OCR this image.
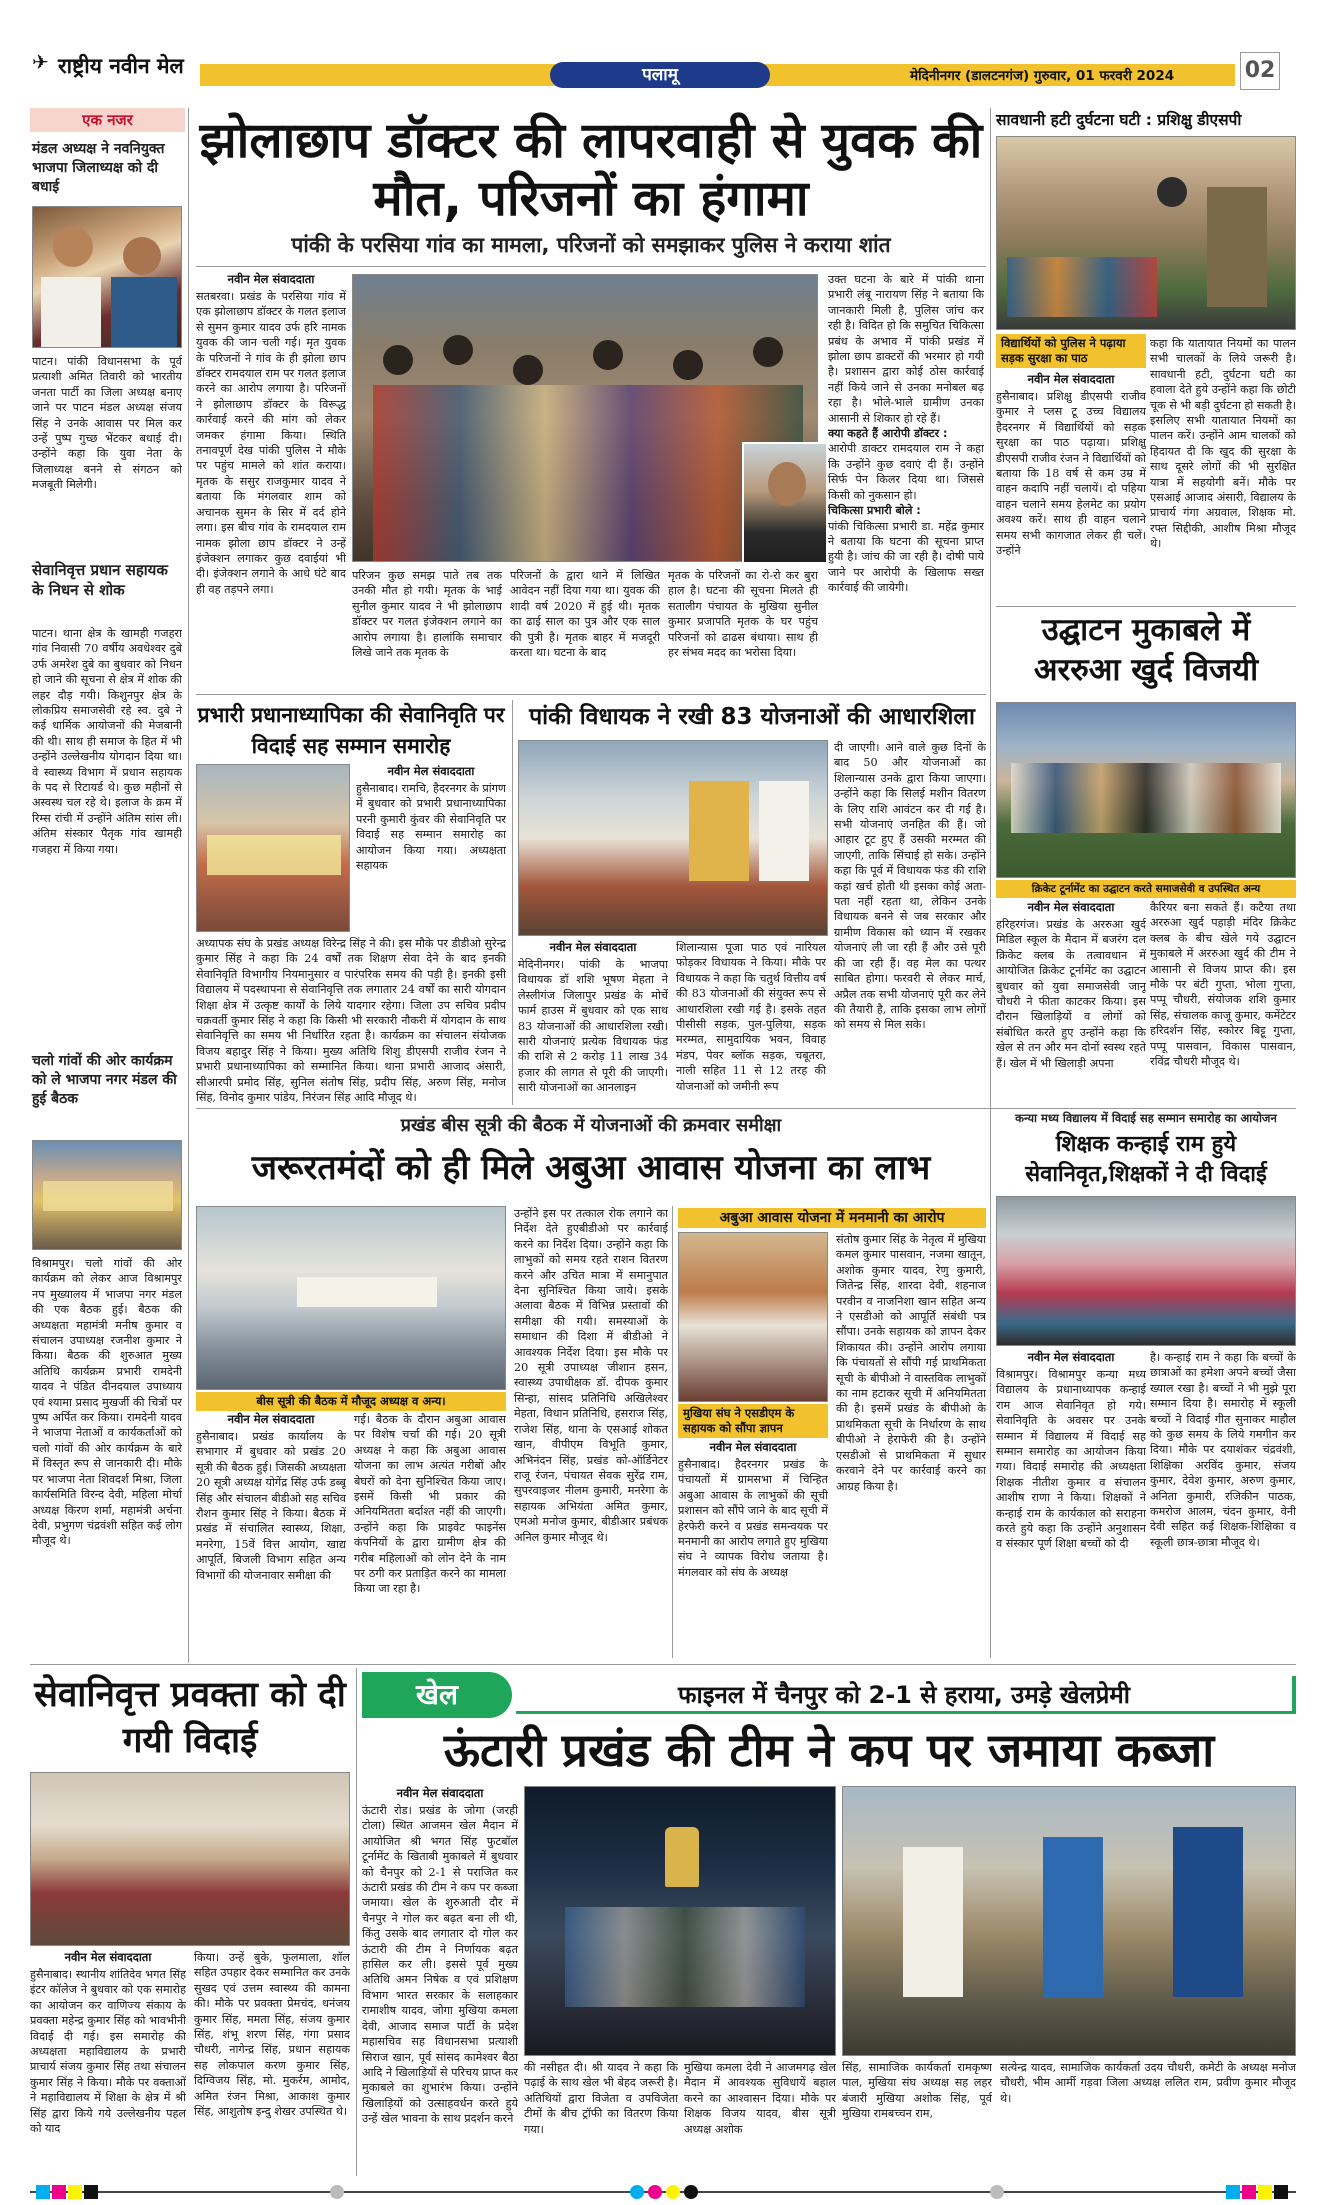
✈ राष्ट्रीय नवीन मेल	पलामू	मेदिनीनगर (डालटनगंज) गुरुवार, 01 फरवरी 2024	02
एक नजर
मंडल अध्यक्ष ने नवनियुक्त भाजपा जिलाध्यक्ष को दी बधाई
पाटन। पांकी विधानसभा के पूर्व प्रत्याशी अमित तिवारी को भारतीय जनता पार्टी का जिला अध्यक्ष बनाए जाने पर पाटन मंडल अध्यक्ष संजय सिंह ने उनके आवास पर मिल कर उन्हें पुष्प गुच्छ भेंटकर बधाई दी। उन्होंने कहा कि युवा नेता के जिलाध्यक्ष बनने से संगठन को मजबूती मिलेगी।
सेवानिवृत्त प्रधान सहायक के निधन से शोक
पाटन। थाना क्षेत्र के खामही गजहरा गांव निवासी 70 वर्षीय अवधेश्वर दुबे उर्फ अमरेश दुबे का बुधवार को निधन हो जाने की सूचना से क्षेत्र में शोक की लहर दौड़ गयी। किशुनपुर क्षेत्र के लोकप्रिय समाजसेवी रहे स्व. दुबे ने कई धार्मिक आयोजनों की मेजबानी की थी। साथ ही समाज के हित में भी उन्होंने उल्लेखनीय योगदान दिया था। वे स्वास्थ्य विभाग में प्रधान सहायक के पद से रिटायर्ड थे। कुछ महीनों से अस्वस्थ चल रहे थे। इलाज के क्रम में रिम्स रांची में उन्होंने अंतिम सांस ली। अंतिम संस्कार पैतृक गांव खामही गजहरा में किया गया।
चलो गांवों की ओर कार्यक्रम को ले भाजपा नगर मंडल की हुई बैठक
विश्रामपुर। चलो गांवों की ओर कार्यक्रम को लेकर आज विश्रामपुर नप मुख्यालय में भाजपा नगर मंडल की एक बैठक हुई। बैठक की अध्यक्षता महामंत्री मनीष कुमार व संचालन उपाध्यक्ष रजनीश कुमार ने किया। बैठक की शुरुआत मुख्य अतिथि कार्यक्रम प्रभारी रामदेनी यादव ने पंडित दीनदयाल उपाध्याय एवं श्यामा प्रसाद मुखर्जी की चित्रों पर पुष्प अर्पित कर किया। रामदेनी यादव ने भाजपा नेताओं व कार्यकर्ताओं को चलो गांवों की ओर कार्यक्रम के बारे में विस्तृत रूप से जानकारी दी। मौके पर भाजपा नेता शिवदर्श मिश्रा, जिला कार्यसमिति विरन्द देवी, महिला मोर्चा अध्यक्ष किरण शर्मा, महामंत्री अर्चना देवी, प्रभुगण चंद्रवंशी सहित कई लोग मौजूद थे।
झोलाछाप डॉक्टर की लापरवाही से युवक की मौत, परिजनों का हंगामा
पांकी के परसिया गांव का मामला, परिजनों को समझाकर पुलिस ने कराया शांत
नवीन मेल संवाददाता
सतबरवा। प्रखंड के परसिया गांव में एक झोलाछाप डॉक्टर के गलत इलाज से सुमन कुमार यादव उर्फ हरि नामक युवक की जान चली गई। मृत युवक के परिजनों ने गांव के ही झोला छाप डॉक्टर रामदयाल राम पर गलत इलाज करने का आरोप लगाया है। परिजनों ने झोलाछाप डॉक्टर के विरूद्ध कार्रवाई करने की मांग को लेकर जमकर हंगामा किया। स्थिति तनावपूर्ण देख पांकी पुलिस ने मौके पर पहुंच मामले को शांत कराया। मृतक के ससुर राजकुमार यादव ने बताया कि मंगलवार शाम को अचानक सुमन के सिर में दर्द होने लगा। इस बीच गांव के रामदयाल राम नामक झोला छाप डॉक्टर ने उन्हें इंजेक्शन लगाकर कुछ दवाईयां भी दी। इंजेक्शन लगाने के आधे घंटे बाद ही वह तड़पने लगा।
परिजन कुछ समझ पाते तब तक उनकी मौत हो गयी। मृतक के भाई सुनील कुमार यादव ने भी झोलाछाप डॉक्टर पर गलत इंजेक्शन लगाने का आरोप लगाया है। हालांकि समाचार लिखे जाने तक मृतक के
परिजनों के द्वारा थाने में लिखित आवेदन नहीं दिया गया था। युवक की शादी वर्ष 2020 में हुई थी। मृतक का ढाई साल का पुत्र और एक साल की पुत्री है। मृतक बाहर में मजदूरी करता था। घटना के बाद
मृतक के परिजनों का रो-रो कर बुरा हाल है। घटना की सूचना मिलते ही सतालीग पंचायत के मुखिया सुनील कुमार प्रजापति मृतक के घर पहुंच परिजनों को ढाढस बंधाया। साथ ही हर संभव मदद का भरोसा दिया।
उक्त घटना के बारे में पांकी थाना प्रभारी लंबू नारायण सिंह ने बताया कि जानकारी मिली है, पुलिस जांच कर रही है। विदित हो कि समुचित चिकित्सा प्रबंध के अभाव में पांकी प्रखंड में झोला छाप डाक्टरों की भरमार हो गयी है। प्रशासन द्वारा कोई ठोस कार्रवाई नहीं किये जाने से उनका मनोबल बढ़ रहा है। भोले-भाले ग्रामीण उनका आसानी से शिकार हो रहे हैं।
क्या कहते हैं आरोपी डॉक्टर :
आरोपी डाक्टर रामदयाल राम ने कहा कि उन्होंने कुछ दवाएं दी हैं। उन्होंने सिर्फ पेन किलर दिया था। जिससे किसी को नुकसान हो।
चिकित्सा प्रभारी बोले :
पांकी चिकित्सा प्रभारी डा. महेंद्र कुमार ने बताया कि घटना की सूचना प्राप्त हुयी है। जांच की जा रही है। दोषी पाये जाने पर आरोपी के खिलाफ सख्त कार्रवाई की जायेगी।
सावधानी हटी दुर्घटना घटी : प्रशिक्षु डीएसपी
विद्यार्थियों को पुलिस ने पढ़ाया सड़क सुरक्षा का पाठ
नवीन मेल संवाददाता
हुसैनाबाद। प्रशिक्षु डीएसपी राजीव कुमार ने प्लस टू उच्च विद्यालय हैदरनगर में विद्यार्थियों को सड़क सुरक्षा का पाठ पढ़ाया। प्रशिक्षु डीएसपी राजीव रंजन ने विद्यार्थियों को बताया कि 18 वर्ष से कम उम्र में वाहन कदापि नहीं चलायें। दो पहिया वाहन चलाने समय हेलमेट का प्रयोग अवश्य करें। साथ ही वाहन चलाने समय सभी कागजात लेकर ही चलें। उन्होंने
कहा कि यातायात नियमों का पालन सभी चालकों के लिये जरूरी है। सावधानी हटी, दुर्घटना घटी का हवाला देते हुये उन्होंने कहा कि छोटी चूक से भी बड़ी दुर्घटना हो सकती है। इसलिए सभी यातायात नियमों का पालन करें। उन्होंने आम चालकों को हिदायत दी कि खुद की सुरक्षा के साथ दूसरे लोगों की भी सुरक्षित यात्रा में सहयोगी बनें। मौके पर एसआई आजाद अंसारी, विद्यालय के प्राचार्य गंगा अग्रवाल, शिक्षक मो. रफ्त सिद्दीकी, आशीष मिश्रा मौजूद थे।
उद्घाटन मुकाबले में अररुआ खुर्द विजयी
क्रिकेट टूर्नामेंट का उद्घाटन करते समाजसेवी व उपस्थित अन्य
नवीन मेल संवाददाता
हरिहरगंज। प्रखंड के अररुआ खुर्द मिडिल स्कूल के मैदान में बजरंग दल क्रिकेट क्लब के तत्वावधान में आयोजित क्रिकेट टूर्नामेंट का उद्घाटन बुधवार को युवा समाजसेवी जानू चौधरी ने फीता काटकर किया। इस दौरान खिलाड़ियों व लोगों को संबोधित करते हुए उन्होंने कहा कि खेल से तन और मन दोनों स्वस्थ रहते हैं। खेल में भी खिलाड़ी अपना
कैरियर बना सकते हैं। कटैया तथा अररुआ खुर्द पहाड़ी मंदिर क्रिकेट क्लब के बीच खेले गये उद्घाटन मुकाबले में अररुआ खुर्द की टीम ने आसानी से विजय प्राप्त की। इस मौके पर बंटी गुप्ता, भोला गुप्ता, पप्पू चौधरी, संयोजक शशि कुमार सिंह, संचालक काजू कुमार, कमेंटेटर हरिदर्शन सिंह, स्कोरर बिट्टू गुप्ता, पप्पू पासवान, विकास पासवान, रविंद्र चौधरी मौजूद थे।
प्रभारी प्रधानाध्यापिका की सेवानिवृति पर विदाई सह सम्मान समारोह
नवीन मेल संवाददाता
हुसैनाबाद। रामचि, हैदरनगर के प्रांगण में बुधवार को प्रभारी प्रधानाध्यापिका परनी कुमारी कुंवर की सेवानिवृति पर विदाई सह सम्मान समारोह का आयोजन किया गया। अध्यक्षता सहायक
अध्यापक संघ के प्रखंड अध्यक्ष विरेन्द्र सिंह ने की। इस मौके पर डीडीओ सुरेन्द्र कुमार सिंह ने कहा कि 24 वर्षों तक शिक्षण सेवा देने के बाद इनकी सेवानिवृति विभागीय नियमानुसार व पारंपरिक समय की पड़ी है। इनकी इसी विद्यालय में पदस्थापना से सेवानिवृत्ति तक लगातार 24 वर्षों का सारी योगदान शिक्षा क्षेत्र में उत्कृष्ट कार्यों के लिये यादगार रहेगा। जिला उप सचिव प्रदीप चक्रवर्ती कुमार सिंह ने कहा कि किसी भी सरकारी नौकरी में योगदान के साथ सेवानिवृत्ति का समय भी निर्धारित रहता है। कार्यक्रम का संचालन संयोजक विजय बहादुर सिंह ने किया। मुख्य अतिथि शिशु डीएसपी राजीव रंजन ने प्रभारी प्रधानाध्यापिका को सम्मानित किया। थाना प्रभारी आजाद अंसारी, सीआरपी प्रमोद सिंह, सुनिल संतोष सिंह, प्रदीप सिंह, अरुण सिंह, मनोज सिंह, विनोद कुमार पांडेय, निरंजन सिंह आदि मौजूद थे।
पांकी विधायक ने रखी 83 योजनाओं की आधारशिला
नवीन मेल संवाददाता
मेदिनीनगर। पांकी के भाजपा विधायक डॉ शशि भूषण मेहता ने लेस्लीगंज जिलापुर प्रखंड के मोर्चे फार्म हाउस में बुधवार को एक साथ 83 योजनाओं की आधारशिला रखी। सारी योजनाएं प्रत्येक विधायक फंड की राशि से 2 करोड़ 11 लाख 34 हजार की लागत से पूरी की जाएगी। सारी योजनाओं का आनलाइन
शिलान्यास पूजा पाठ एवं नारियल फोड़कर विधायक ने किया। मौके पर विधायक ने कहा कि चतुर्थ वित्तीय वर्ष की 83 योजनाओं की संयुक्त रूप से आधारशिला रखी गई है। इसके तहत पीसीसी सड़क, पुल-पुलिया, सड़क मरम्मत, सामुदायिक भवन, विवाह मंडप, पेवर ब्लॉक सड़क, चबूतरा, नाली सहित 11 से 12 तरह की योजनाओं को जमीनी रूप
दी जाएगी। आने वाले कुछ दिनों के बाद 50 और योजनाओं का शिलान्यास उनके द्वारा किया जाएगा। उन्होंने कहा कि सिलई मशीन वितरण के लिए राशि आवंटन कर दी गई है। सभी योजनाएं जनहित की हैं। जो आहार टूट हुए हैं उसकी मरम्मत की जाएगी, ताकि सिंचाई हो सके। उन्होंने कहा कि पूर्व में विधायक फंड की राशि कहां खर्च होती थी इसका कोई अता-पता नहीं रहता था, लेकिन उनके विधायक बनने से जब सरकार और ग्रामीण विकास को ध्यान में रखकर योजनाएं ली जा रही हैं और उसे पूरी की जा रही हैं। वह मेल का पत्थर साबित होगा। फरवरी से लेकर मार्च, अप्रैल तक सभी योजनाएं पूरी कर लेने की तैयारी है, ताकि इसका लाभ लोगों को समय से मिल सके।
प्रखंड बीस सूत्री की बैठक में योजनाओं की क्रमवार समीक्षा
जरूरतमंदों को ही मिले अबुआ आवास योजना का लाभ
बीस सूत्री की बैठक में मौजूद अध्यक्ष व अन्य।
नवीन मेल संवाददाता
हुसैनाबाद। प्रखंड कार्यालय के सभागार में बुधवार को प्रखंड 20 सूत्री की बैठक हुई। जिसकी अध्यक्षता 20 सूत्री अध्यक्ष योगेंद्र सिंह उर्फ डब्बू सिंह और संचालन बीडीओ सह सचिव रौशन कुमार सिंह ने किया। बैठक में प्रखंड में संचालित स्वास्थ्य, शिक्षा, मनरेगा, 15वें वित्त आयोग, खाद्य आपूर्ति, बिजली विभाग सहित अन्य विभागों की योजनावार समीक्षा की
गई। बैठक के दौरान अबुआ आवास पर विशेष चर्चा की गई। 20 सूत्री अध्यक्ष ने कहा कि अबुआ आवास योजना का लाभ अत्यंत गरीबों और बेघरों को देना सुनिश्चित किया जाए। इसमें किसी भी प्रकार की अनियमितता बर्दाश्त नहीं की जाएगी। उन्होंने कहा कि प्राइवेट फाइनेंस कंपनियों के द्वारा ग्रामीण क्षेत्र की गरीब महिलाओं को लोन देने के नाम पर ठगी कर प्रताड़ित करने का मामला किया जा रहा है।
उन्होंने इस पर तत्काल रोक लगाने का निर्देश देते हुएबीडीओ पर कार्रवाई करने का निर्देश दिया। उन्होंने कहा कि लाभुकों को समय रहते राशन वितरण करने और उचित मात्रा में समानुपात देना सुनिश्चित किया जाये। इसके अलावा बैठक में विभिन्न प्रस्तावों की समीक्षा की गयी। समस्याओं के समाधान की दिशा में बीडीओ ने आवश्यक निर्देश दिया। इस मौके पर 20 सूत्री उपाध्यक्ष जीशान हसन, स्वास्थ्य उपाधीक्षक डॉ. दीपक कुमार सिन्हा, सांसद प्रतिनिधि अखिलेश्वर मेहता, विधान प्रतिनिधि, हसराज सिंह, राजेश सिंह, थाना के एसआई शोकत खान, वीपीएम विभूति कुमार, अभिनंदन सिंह, प्रखंड को-ऑर्डिनेटर राजू रंजन, पंचायत सेवक सुरेंद्र राम, सुपरवाइजर नीलम कुमारी, मनरेगा के सहायक अभियंता अमित कुमार, एमओ मनोज कुमार, बीडीआर प्रबंधक अनिल कुमार मौजूद थे।
अबुआ आवास योजना में मनमानी का आरोप
मुखिया संघ ने एसडीएम के सहायक को सौंपा ज्ञापन
नवीन मेल संवाददाता
हुसैनाबाद। हैदरनगर प्रखंड के पंचायतों में ग्रामसभा में चिन्हित अबुआ आवास के लाभुकों की सूची प्रशासन को सौंपे जाने के बाद सूची में हेरफेरी करने व प्रखंड समन्वयक पर मनमानी का आरोप लगाते हुए मुखिया संघ ने व्यापक विरोध जताया है। मंगलवार को संघ के अध्यक्ष
संतोष कुमार सिंह के नेतृत्व में मुखिया कमल कुमार पासवान, नजमा खातून, अशोक कुमार यादव, रेणु कुमारी, जितेन्द्र सिंह, शारदा देवी, शहनाज परवीन व नाजनिशा खान सहित अन्य ने एसडीओ को आपूर्ति संबंधी पत्र सौंपा। उनके सहायक को ज्ञापन देकर शिकायत की। उन्होंने आरोप लगाया कि पंचायतों से सौंपी गई प्राथमिकता सूची के बीपीओ ने वास्तविक लाभुकों का नाम हटाकर सूची में अनियमितता की है। इसमें प्रखंड के बीपीओ के प्राथमिकता सूची के निर्धारण के साथ बीपीओ ने हेराफेरी की है। उन्होंने एसडीओ से प्राथमिकता में सुधार करवाने देने पर कार्रवाई करने का आग्रह किया है।
कन्या मध्य विद्यालय में विदाई सह सम्मान समारोह का आयोजन
शिक्षक कन्हाई राम हुये सेवानिवृत,शिक्षकों ने दी विदाई
नवीन मेल संवाददाता
विश्रामपुर। विश्रामपुर कन्या मध्य विद्यालय के प्रधानाध्यापक कन्हाई राम आज सेवानिवृत हो गये। सेवानिवृति के अवसर पर उनके सम्मान में विद्यालय में विदाई सह सम्मान समारोह का आयोजन किया गया। विदाई समारोह की अध्यक्षता शिक्षक नीतीश कुमार व संचालन आशीष राणा ने किया। शिक्षकों ने कन्हाई राम के कार्यकाल को सराहना करते हुये कहा कि उन्होंने अनुशासन व संस्कार पूर्ण शिक्षा बच्चों को दी
है। कन्हाई राम ने कहा कि बच्चों के छात्राओं का हमेशा अपने बच्चों जैसा ख्याल रखा है। बच्चों ने भी मुझे पूरा सम्मान दिया है। समारोह में स्कूली बच्चों ने विदाई गीत सुनाकर माहौल को कुछ समय के लिये गमगीन कर दिया। मौके पर दयाशंकर चंद्रवंशी, शिक्षिका अरविंद कुमार, संजय कुमार, देवेश कुमार, अरुण कुमार, अनिता कुमारी, रजिकीन पाठक, कमरोज आलम, चंदन कुमार, वेनी देवी सहित कई शिक्षक-शिक्षिका व स्कूली छात्र-छात्रा मौजूद थे।
सेवानिवृत्त प्रवक्ता को दी गयी विदाई
नवीन मेल संवाददाता
हुसैनाबाद। स्थानीय शांतिदेव भगत सिंह इंटर कॉलेज ने बुधवार को एक समारोह का आयोजन कर वाणिज्य संकाय के प्रवक्ता महेन्द्र कुमार सिंह को भावभीनी विदाई दी गई। इस समारोह की अध्यक्षता महाविद्यालय के प्रभारी प्राचार्य संजय कुमार सिंह तथा संचालन कुमार सिंह ने किया। मौके पर वक्ताओं ने महाविद्यालय में शिक्षा के क्षेत्र में श्री सिंह द्वारा किये गये उल्लेखनीय पहल को याद
किया। उन्हें बुके, फुलमाला, शॉल सहित उपहार देकर सम्मानित कर उनके सुखद एवं उत्तम स्वास्थ्य की कामना की। मौके पर प्रवक्ता प्रेमचंद, धनंजय कुमार सिंह, ममता सिंह, संजय कुमार सिंह, शंभू शरण सिंह, गंगा प्रसाद चौधरी, नागेन्द्र सिंह, प्रधान सहायक सह लोकपाल करण कुमार सिंह, दिग्विजय सिंह, मो. मुकर्रम, आमोद, अमित रंजन मिश्रा, आकाश कुमार सिंह, आशुतोष इन्दु शेखर उपस्थित थे।
खेल	फाइनल में चैनपुर को 2-1 से हराया, उमड़े खेलप्रेमी
ऊंटारी प्रखंड की टीम ने कप पर जमाया कब्जा
नवीन मेल संवाददाता
ऊंटारी रोड। प्रखंड के जोगा (जरही टोला) स्थित आजमन खेल मैदान में आयोजित श्री भगत सिंह फुटबॉल टूर्नामेंट के खिताबी मुकाबले में बुधवार को चैनपुर को 2-1 से पराजित कर ऊंटारी प्रखंड की टीम ने कप पर कब्जा जमाया। खेल के शुरुआती दौर में चैनपुर ने गोल कर बढ़त बना ली थी, किंतु उसके बाद लगातार दो गोल कर ऊंटारी की टीम ने निर्णायक बढ़त हासिल कर ली। इससे पूर्व मुख्य अतिथि अमन निषेक व एवं प्रशिक्षण विभाग भारत सरकार के सलाहकार रामाशीष यादव, जोगा मुखिया कमला देवी, आजाद समाज पार्टी के प्रदेश महासचिव सह विधानसभा प्रत्याशी सिराज खान, पूर्व सांसद कामेश्वर बैठा आदि ने खिलाड़ियों से परिचय प्राप्त कर मुकाबले का शुभारंभ किया। उन्होंने खिलाड़ियों को उत्साहवर्धन करते हुये उन्हें खेल भावना के साथ प्रदर्शन करने
की नसीहत दी। श्री यादव ने कहा कि पढ़ाई के साथ खेल भी बेहद जरूरी है। अतिथियों द्वारा विजेता व उपविजेता टीमों के बीच ट्रॉफी का वितरण किया गया।
मुखिया कमला देवी ने आजमगढ़ खेल मैदान में आवश्यक सुविधायें बहाल करने का आश्वासन दिया। मौके पर शिक्षक विजय यादव, बीस सूत्री अध्यक्ष अशोक
सिंह, सामाजिक कार्यकर्ता रामकृष्ण पाल, मुखिया संघ अध्यक्ष सह लहर बंजारी मुखिया अशोक सिंह, पूर्व मुखिया रामबच्चन राम,
सत्येन्द्र यादव, सामाजिक कार्यकर्ता उदय चौधरी, कमेटी के अध्यक्ष मनोज चौधरी, भीम आर्मी गड़वा जिला अध्यक्ष ललित राम, प्रवीण कुमार मौजूद थे।
